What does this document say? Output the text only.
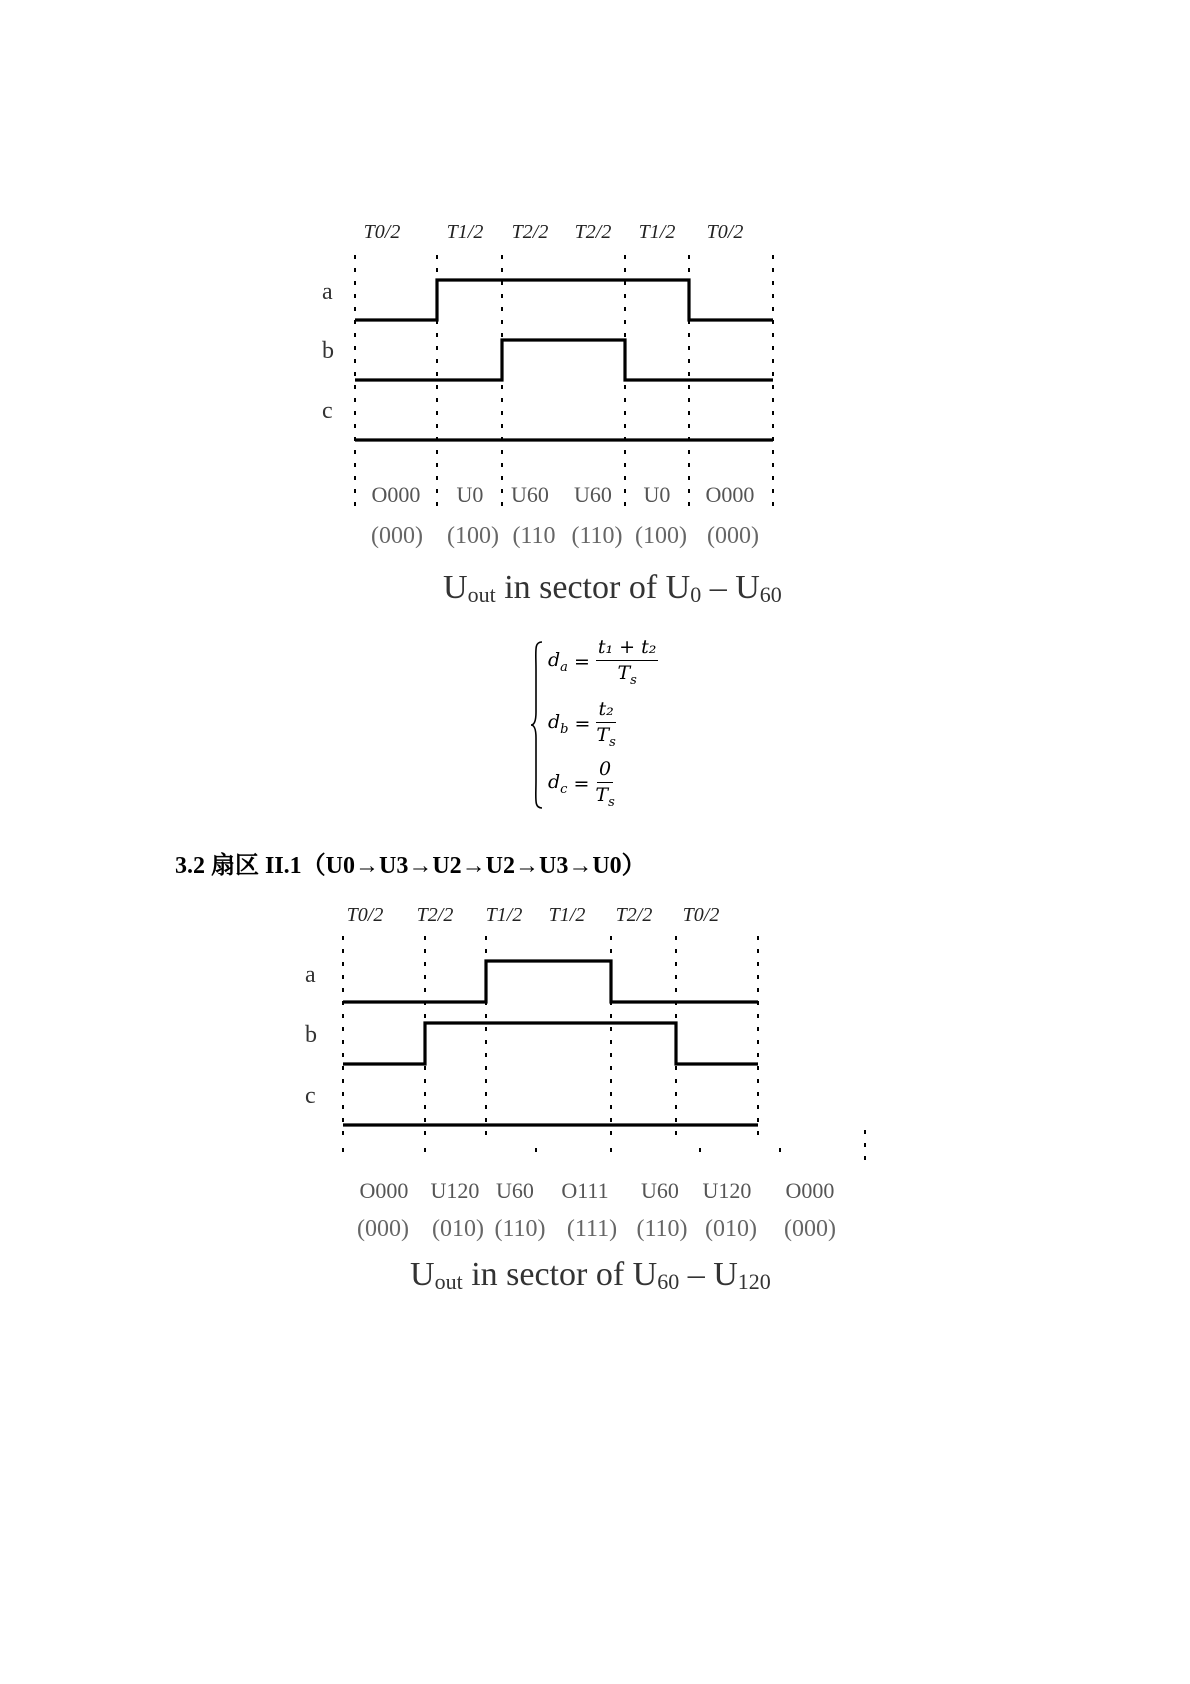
T0/2 T1/2 T2/2 T2/2 T1/2 T0/2
a
b
c
O000 U0 U60 U60 U0 O000
(000) (100) (110 (110) (100) (000)
Uout in sector of U0 – U60
$d_a = \frac{\text{t₁ + t₂}}{T_s}$
$d_b = \frac{\text{t₂}}{T_s}$
$d_c = \frac{0}{T_s}$
3.2 扇区 II.1（U0→U3→U2→U2→U3→U0）
T0/2 T2/2 T1/2 T1/2 T2/2 T0/2
a
b
c
O000 U120 U60 O111 U60 U120 O000
(000) (010) (110) (111) (110) (010) (000)
Uout in sector of U60 – U120
